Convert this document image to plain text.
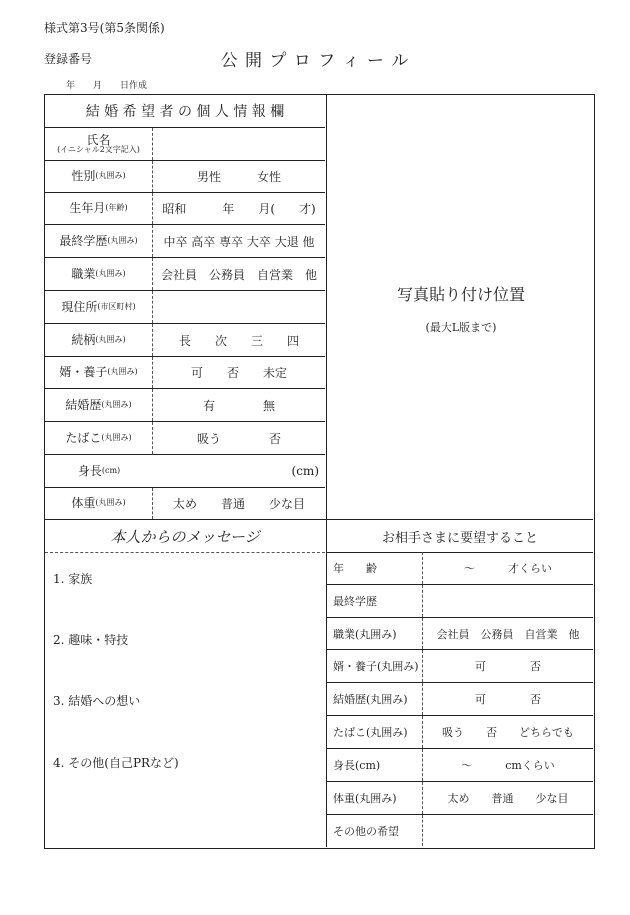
様式第3号(第5条関係)
登録番号	公 開 プ ロ フ ィ ー ル
年　　月　　日作成
結 婚 希 望 者 の 個 人 情 報 欄
氏名
(イニシャル2文字記入)
性別 (丸囲み)	男性　　　女性
生年月 (年齢)	昭和　　　年　　月(　　才)
最終学歴 (丸囲み)	中卒 高卒 専卒 大卒 大退 他
職業 (丸囲み)	会社員　公務員　自営業　他
現住所 (市区町村)
続柄 (丸囲み)	長　　次　　三　　四
婿・養子 (丸囲み)	可　　否　　未定
結婚歴 (丸囲み)	有　　　　無
たばこ (丸囲み)	吸う　　　　否
身長 (cm)	(cm)
体重 (丸囲み)	太め　　普通　　少な目
写真貼り付け位置
(最大L版まで)
本人からのメッセージ
1. 家族
2. 趣味・特技
3. 結婚への想い
4. その他(自己PRなど)
お相手さまに要望すること
年　　齢	～　　　才くらい
最終学歴
職業(丸囲み)	会社員　公務員　自営業　他
婿・養子(丸囲み)	可　　　　否
結婚歴(丸囲み)	可　　　　否
たばこ(丸囲み)	吸う　　否　　どちらでも
身長(cm)	～　　　cmくらい
体重(丸囲み)	太め　　普通　　少な目
その他の希望
